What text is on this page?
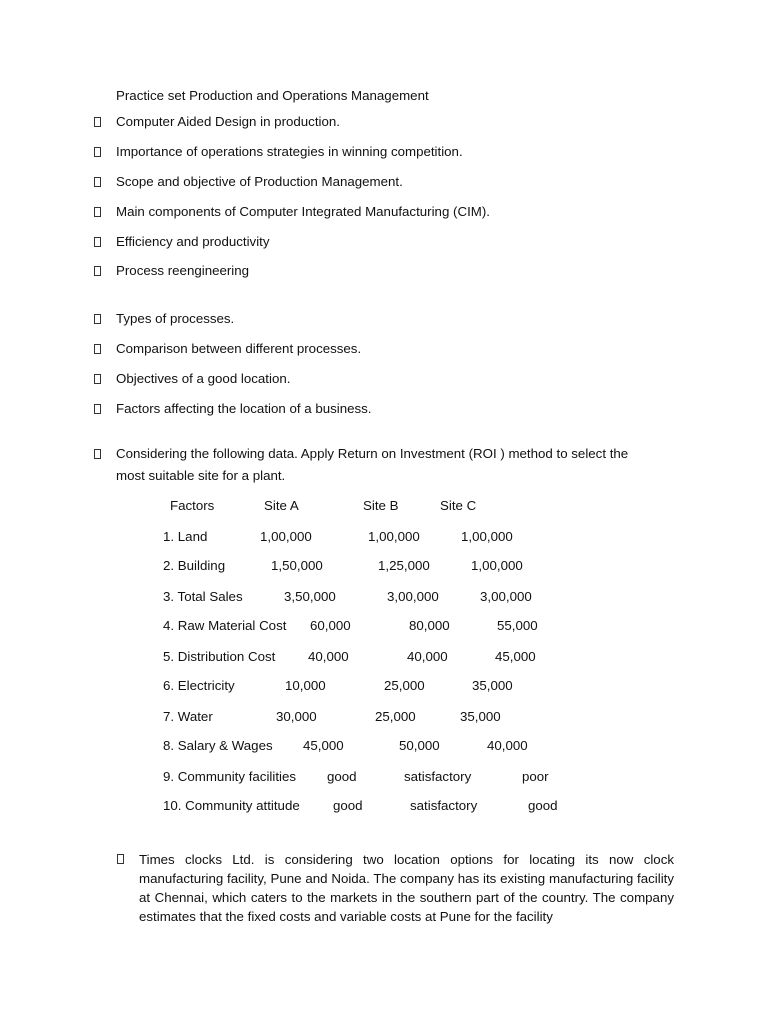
Practice set Production and Operations Management
Computer Aided Design in production.
Importance of operations strategies in winning competition.
Scope and objective of Production Management.
Main components of Computer Integrated Manufacturing (CIM).
Efficiency and productivity
Process reengineering
Types of processes.
Comparison between different processes.
Objectives of a good location.
Factors affecting the location of a business.
Considering the following data. Apply Return on Investment (ROI ) method to select the
most suitable site for a plant.
Factors	Site A	Site B	Site C
1. Land	1,00,000	1,00,000	1,00,000
2. Building	1,50,000	1,25,000	1,00,000
3. Total Sales	3,50,000	3,00,000	3,00,000
4. Raw Material Cost 60,000	80,000	55,000
5. Distribution Cost 40,000	40,000	45,000
6. Electricity	10,000	25,000	35,000
7. Water	30,000	25,000	35,000
8. Salary & Wages 45,000	50,000	40,000
9. Community facilities good	satisfactory	poor
10. Community attitude	good	satisfactory	good
Times clocks Ltd. is considering two location options for locating its now clock manufacturing facility, Pune and Noida. The company has its existing manufacturing facility at Chennai, which caters to the markets in the southern part of the country. The company estimates that the fixed costs and variable costs at Pune for the facility
